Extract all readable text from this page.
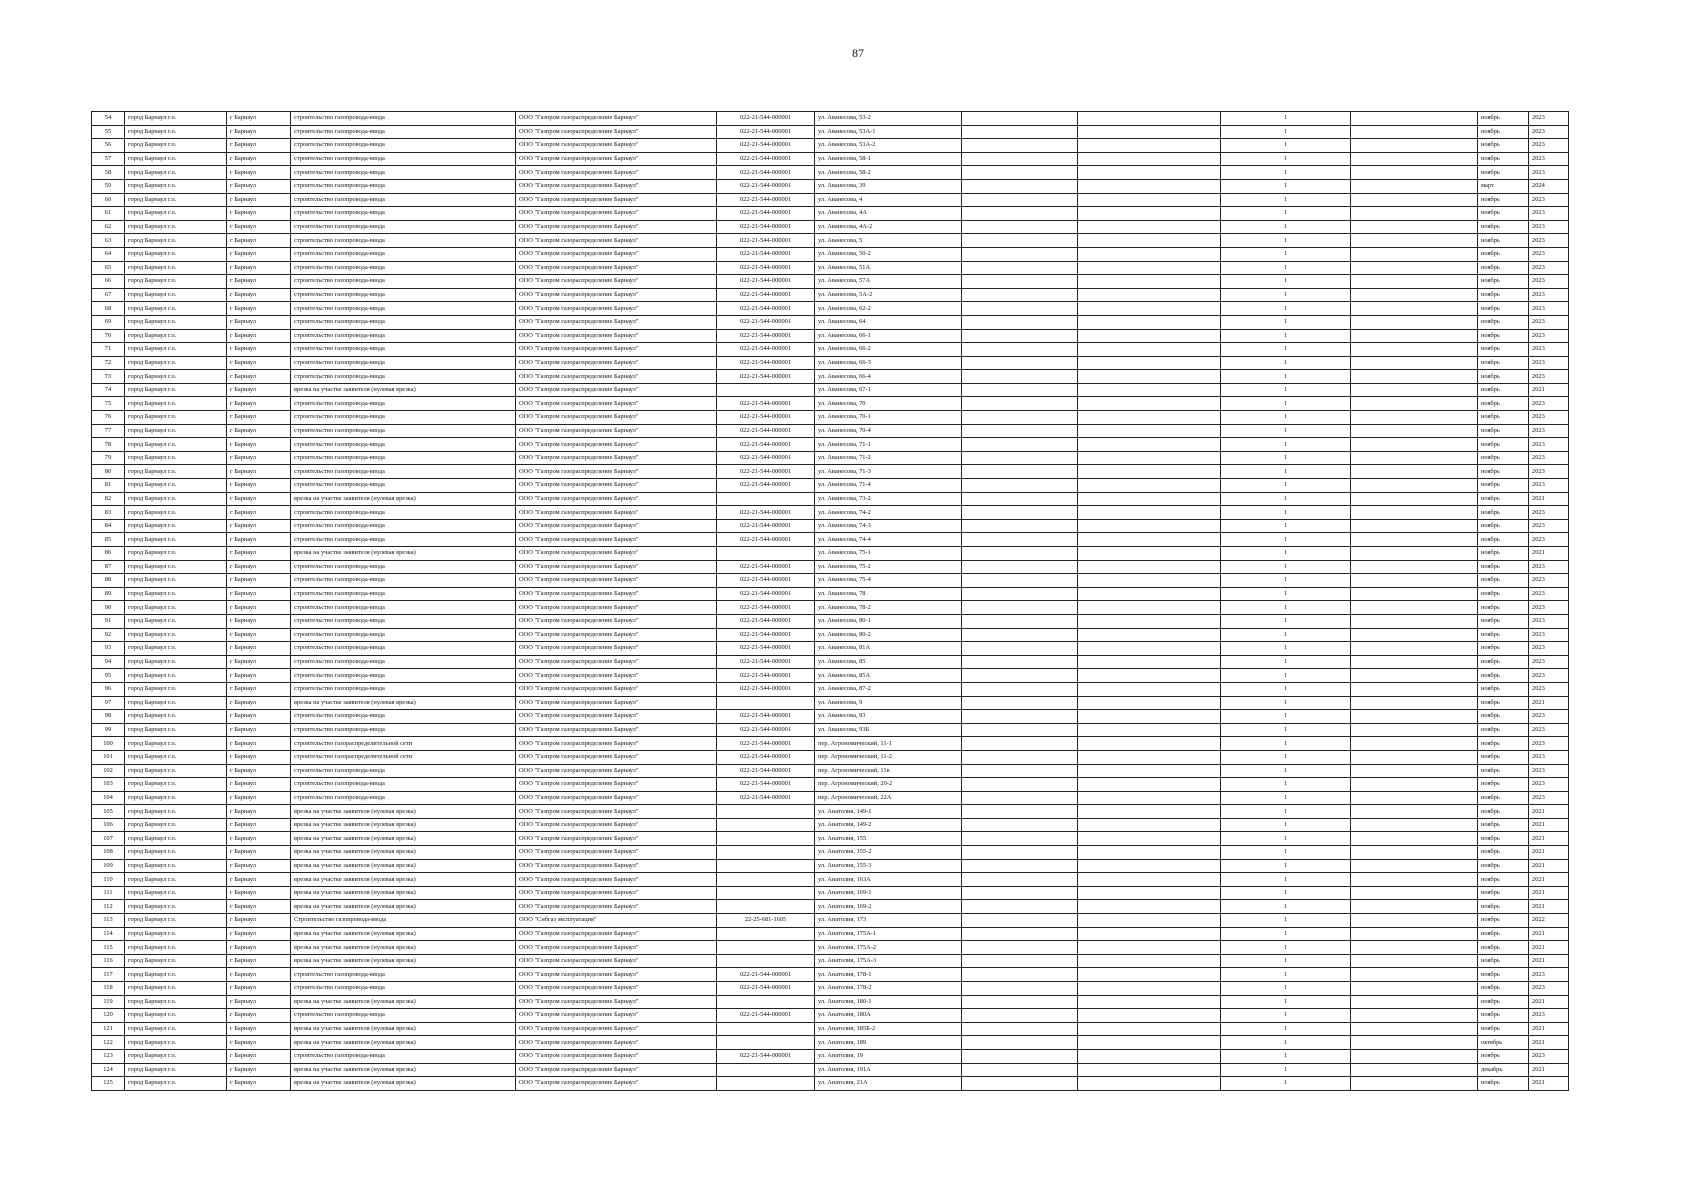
87
54	город Барнаул г.о.	г Барнаул	строительство газопровода-ввода	ООО "Газпром газораспределение Барнаул"	022-21-544-000001	ул. Аванесова, 53-2			1		ноябрь	2023
55	город Барнаул г.о.	г Барнаул	строительство газопровода-ввода	ООО "Газпром газораспределение Барнаул"	022-21-544-000001	ул. Аванесова, 53А-1			1		ноябрь	2023
56	город Барнаул г.о.	г Барнаул	строительство газопровода-ввода	ООО "Газпром газораспределение Барнаул"	022-21-544-000001	ул. Аванесова, 53А-2			1		ноябрь	2023
57	город Барнаул г.о.	г Барнаул	строительство газопровода-ввода	ООО "Газпром газораспределение Барнаул"	022-21-544-000001	ул. Аванесова, 58-1			1		ноябрь	2023
58	город Барнаул г.о.	г Барнаул	строительство газопровода-ввода	ООО "Газпром газораспределение Барнаул"	022-21-544-000001	ул. Аванесова, 58-2			1		ноябрь	2023
59	город Барнаул г.о.	г Барнаул	строительство газопровода-ввода	ООО "Газпром газораспределение Барнаул"	022-21-544-000001	ул. Аванесова, 39			1		март	2024
60	город Барнаул г.о.	г Барнаул	строительство газопровода-ввода	ООО "Газпром газораспределение Барнаул"	022-21-544-000001	ул. Аванесова, 4			1		ноябрь	2023
61	город Барнаул г.о.	г Барнаул	строительство газопровода-ввода	ООО "Газпром газораспределение Барнаул"	022-21-544-000001	ул. Аванесова, 4А			1		ноябрь	2023
62	город Барнаул г.о.	г Барнаул	строительство газопровода-ввода	ООО "Газпром газораспределение Барнаул"	022-21-544-000001	ул. Аванесова, 4А-2			1		ноябрь	2023
63	город Барнаул г.о.	г Барнаул	строительство газопровода-ввода	ООО "Газпром газораспределение Барнаул"	022-21-544-000001	ул. Аванесова, 5			1		ноябрь	2023
64	город Барнаул г.о.	г Барнаул	строительство газопровода-ввода	ООО "Газпром газораспределение Барнаул"	022-21-544-000001	ул. Аванесова, 50-2			1		ноябрь	2023
65	город Барнаул г.о.	г Барнаул	строительство газопровода-ввода	ООО "Газпром газораспределение Барнаул"	022-21-544-000001	ул. Аванесова, 51А			1		ноябрь	2023
66	город Барнаул г.о.	г Барнаул	строительство газопровода-ввода	ООО "Газпром газораспределение Барнаул"	022-21-544-000001	ул. Аванесова, 57А			1		ноябрь	2023
67	город Барнаул г.о.	г Барнаул	строительство газопровода-ввода	ООО "Газпром газораспределение Барнаул"	022-21-544-000001	ул. Аванесова, 5А-2			1		ноябрь	2023
68	город Барнаул г.о.	г Барнаул	строительство газопровода-ввода	ООО "Газпром газораспределение Барнаул"	022-21-544-000001	ул. Аванесова, 62-2			1		ноябрь	2023
69	город Барнаул г.о.	г Барнаул	строительство газопровода-ввода	ООО "Газпром газораспределение Барнаул"	022-21-544-000001	ул. Аванесова, 64			1		ноябрь	2023
70	город Барнаул г.о.	г Барнаул	строительство газопровода-ввода	ООО "Газпром газораспределение Барнаул"	022-21-544-000001	ул. Аванесова, 66-1			1		ноябрь	2023
71	город Барнаул г.о.	г Барнаул	строительство газопровода-ввода	ООО "Газпром газораспределение Барнаул"	022-21-544-000001	ул. Аванесова, 66-2			1		ноябрь	2023
72	город Барнаул г.о.	г Барнаул	строительство газопровода-ввода	ООО "Газпром газораспределение Барнаул"	022-21-544-000001	ул. Аванесова, 66-3			1		ноябрь	2023
73	город Барнаул г.о.	г Барнаул	строительство газопровода-ввода	ООО "Газпром газораспределение Барнаул"	022-21-544-000001	ул. Аванесова, 66-4			1		ноябрь	2023
74	город Барнаул г.о.	г Барнаул	врезка на участке заявителя (нулевая врезка)	ООО "Газпром газораспределение Барнаул"		ул. Аванесова, 67-1			1		ноябрь	2021
75	город Барнаул г.о.	г Барнаул	строительство газопровода-ввода	ООО "Газпром газораспределение Барнаул"	022-21-544-000001	ул. Аванесова, 70			1		ноябрь	2023
76	город Барнаул г.о.	г Барнаул	строительство газопровода-ввода	ООО "Газпром газораспределение Барнаул"	022-21-544-000001	ул. Аванесова, 70-1			1		ноябрь	2023
77	город Барнаул г.о.	г Барнаул	строительство газопровода-ввода	ООО "Газпром газораспределение Барнаул"	022-21-544-000001	ул. Аванесова, 70-4			1		ноябрь	2023
78	город Барнаул г.о.	г Барнаул	строительство газопровода-ввода	ООО "Газпром газораспределение Барнаул"	022-21-544-000001	ул. Аванесова, 71-1			1		ноябрь	2023
79	город Барнаул г.о.	г Барнаул	строительство газопровода-ввода	ООО "Газпром газораспределение Барнаул"	022-21-544-000001	ул. Аванесова, 71-2			1		ноябрь	2023
80	город Барнаул г.о.	г Барнаул	строительство газопровода-ввода	ООО "Газпром газораспределение Барнаул"	022-21-544-000001	ул. Аванесова, 71-3			1		ноябрь	2023
81	город Барнаул г.о.	г Барнаул	строительство газопровода-ввода	ООО "Газпром газораспределение Барнаул"	022-21-544-000001	ул. Аванесова, 71-4			1		ноябрь	2023
82	город Барнаул г.о.	г Барнаул	врезка на участке заявителя (нулевая врезка)	ООО "Газпром газораспределение Барнаул"		ул. Аванесова, 73-2			1		ноябрь	2021
83	город Барнаул г.о.	г Барнаул	строительство газопровода-ввода	ООО "Газпром газораспределение Барнаул"	022-21-544-000001	ул. Аванесова, 74-2			1		ноябрь	2023
84	город Барнаул г.о.	г Барнаул	строительство газопровода-ввода	ООО "Газпром газораспределение Барнаул"	022-21-544-000001	ул. Аванесова, 74-3			1		ноябрь	2023
85	город Барнаул г.о.	г Барнаул	строительство газопровода-ввода	ООО "Газпром газораспределение Барнаул"	022-21-544-000001	ул. Аванесова, 74-4			1		ноябрь	2023
86	город Барнаул г.о.	г Барнаул	врезка на участке заявителя (нулевая врезка)	ООО "Газпром газораспределение Барнаул"		ул. Аванесова, 75-1			1		ноябрь	2021
87	город Барнаул г.о.	г Барнаул	строительство газопровода-ввода	ООО "Газпром газораспределение Барнаул"	022-21-544-000001	ул. Аванесова, 75-2			1		ноябрь	2023
88	город Барнаул г.о.	г Барнаул	строительство газопровода-ввода	ООО "Газпром газораспределение Барнаул"	022-21-544-000001	ул. Аванесова, 75-4			1		ноябрь	2023
89	город Барнаул г.о.	г Барнаул	строительство газопровода-ввода	ООО "Газпром газораспределение Барнаул"	022-21-544-000001	ул. Аванесова, 78			1		ноябрь	2023
90	город Барнаул г.о.	г Барнаул	строительство газопровода-ввода	ООО "Газпром газораспределение Барнаул"	022-21-544-000001	ул. Аванесова, 78-2			1		ноябрь	2023
91	город Барнаул г.о.	г Барнаул	строительство газопровода-ввода	ООО "Газпром газораспределение Барнаул"	022-21-544-000001	ул. Аванесова, 80-1			1		ноябрь	2023
92	город Барнаул г.о.	г Барнаул	строительство газопровода-ввода	ООО "Газпром газораспределение Барнаул"	022-21-544-000001	ул. Аванесова, 80-2			1		ноябрь	2023
93	город Барнаул г.о.	г Барнаул	строительство газопровода-ввода	ООО "Газпром газораспределение Барнаул"	022-21-544-000001	ул. Аванесова, 81А			1		ноябрь	2023
94	город Барнаул г.о.	г Барнаул	строительство газопровода-ввода	ООО "Газпром газораспределение Барнаул"	022-21-544-000001	ул. Аванесова, 85			1		ноябрь	2023
95	город Барнаул г.о.	г Барнаул	строительство газопровода-ввода	ООО "Газпром газораспределение Барнаул"	022-21-544-000001	ул. Аванесова, 85А			1		ноябрь	2023
96	город Барнаул г.о.	г Барнаул	строительство газопровода-ввода	ООО "Газпром газораспределение Барнаул"	022-21-544-000001	ул. Аванесова, 87-2			1		ноябрь	2023
97	город Барнаул г.о.	г Барнаул	врезка на участке заявителя (нулевая врезка)	ООО "Газпром газораспределение Барнаул"		ул. Аванесова, 9			1		ноябрь	2021
98	город Барнаул г.о.	г Барнаул	строительство газопровода-ввода	ООО "Газпром газораспределение Барнаул"	022-21-544-000001	ул. Аванесова, 93			1		ноябрь	2023
99	город Барнаул г.о.	г Барнаул	строительство газопровода-ввода	ООО "Газпром газораспределение Барнаул"	022-21-544-000001	ул. Аванесова, 93Б			1		ноябрь	2023
100	город Барнаул г.о.	г Барнаул	строительство газораспределительной сети	ООО "Газпром газораспределение Барнаул"	022-21-544-000001	пер. Агрономический, 11-1			1		ноябрь	2023
101	город Барнаул г.о.	г Барнаул	строительство газораспределительной сети	ООО "Газпром газораспределение Барнаул"	022-21-544-000001	пер. Агрономический, 11-2			1		ноябрь	2023
102	город Барнаул г.о.	г Барнаул	строительство газопровода-ввода	ООО "Газпром газораспределение Барнаул"	022-21-544-000001	пер. Агрономический, 11в			1		ноябрь	2023
103	город Барнаул г.о.	г Барнаул	строительство газопровода-ввода	ООО "Газпром газораспределение Барнаул"	022-21-544-000001	пер. Агрономический, 20-2			1		ноябрь	2023
104	город Барнаул г.о.	г Барнаул	строительство газопровода-ввода	ООО "Газпром газораспределение Барнаул"	022-21-544-000001	пер. Агрономический, 22А			1		ноябрь	2023
105	город Барнаул г.о.	г Барнаул	врезка на участке заявителя (нулевая врезка)	ООО "Газпром газораспределение Барнаул"		ул. Анатолия, 149-1			1		ноябрь	2021
106	город Барнаул г.о.	г Барнаул	врезка на участке заявителя (нулевая врезка)	ООО "Газпром газораспределение Барнаул"		ул. Анатолия, 149-2			1		ноябрь	2021
107	город Барнаул г.о.	г Барнаул	врезка на участке заявителя (нулевая врезка)	ООО "Газпром газораспределение Барнаул"		ул. Анатолия, 155			1		ноябрь	2021
108	город Барнаул г.о.	г Барнаул	врезка на участке заявителя (нулевая врезка)	ООО "Газпром газораспределение Барнаул"		ул. Анатолия, 155-2			1		ноябрь	2021
109	город Барнаул г.о.	г Барнаул	врезка на участке заявителя (нулевая врезка)	ООО "Газпром газораспределение Барнаул"		ул. Анатолия, 155-3			1		ноябрь	2021
110	город Барнаул г.о.	г Барнаул	врезка на участке заявителя (нулевая врезка)	ООО "Газпром газораспределение Барнаул"		ул. Анатолия, 163А			1		ноябрь	2021
111	город Барнаул г.о.	г Барнаул	врезка на участке заявителя (нулевая врезка)	ООО "Газпром газораспределение Барнаул"		ул. Анатолия, 169-1			1		ноябрь	2021
112	город Барнаул г.о.	г Барнаул	врезка на участке заявителя (нулевая врезка)	ООО "Газпром газораспределение Барнаул"		ул. Анатолия, 169-2			1		ноябрь	2021
113	город Барнаул г.о.	г Барнаул	Строительство газопровода-ввода	ООО "Сибгаз эксплуатация"	22-25-681-1605	ул. Анатолия, 173			1		ноябрь	2022
114	город Барнаул г.о.	г Барнаул	врезка на участке заявителя (нулевая врезка)	ООО "Газпром газораспределение Барнаул"		ул. Анатолия, 175А-1			1		ноябрь	2021
115	город Барнаул г.о.	г Барнаул	врезка на участке заявителя (нулевая врезка)	ООО "Газпром газораспределение Барнаул"		ул. Анатолия, 175А-2			1		ноябрь	2021
116	город Барнаул г.о.	г Барнаул	врезка на участке заявителя (нулевая врезка)	ООО "Газпром газораспределение Барнаул"		ул. Анатолия, 175А-3			1		ноябрь	2021
117	город Барнаул г.о.	г Барнаул	строительство газопровода-ввода	ООО "Газпром газораспределение Барнаул"	022-21-544-000001	ул. Анатолия, 178-1			1		ноябрь	2023
118	город Барнаул г.о.	г Барнаул	строительство газопровода-ввода	ООО "Газпром газораспределение Барнаул"	022-21-544-000001	ул. Анатолия, 178-2			1		ноябрь	2023
119	город Барнаул г.о.	г Барнаул	врезка на участке заявителя (нулевая врезка)	ООО "Газпром газораспределение Барнаул"		ул. Анатолия, 180-1			1		ноябрь	2021
120	город Барнаул г.о.	г Барнаул	строительство газопровода-ввода	ООО "Газпром газораспределение Барнаул"	022-21-544-000001	ул. Анатолия, 180А			1		ноябрь	2023
121	город Барнаул г.о.	г Барнаул	врезка на участке заявителя (нулевая врезка)	ООО "Газпром газораспределение Барнаул"		ул. Анатолия, 185Б-2			1		ноябрь	2021
122	город Барнаул г.о.	г Барнаул	врезка на участке заявителя (нулевая врезка)	ООО "Газпром газораспределение Барнаул"		ул. Анатолия, 189			1		октябрь	2021
123	город Барнаул г.о.	г Барнаул	строительство газопровода-ввода	ООО "Газпром газораспределение Барнаул"	022-21-544-000001	ул. Анатолия, 19			1		ноябрь	2023
124	город Барнаул г.о.	г Барнаул	врезка на участке заявителя (нулевая врезка)	ООО "Газпром газораспределение Барнаул"		ул. Анатолия, 191А			1		декабрь	2021
125	город Барнаул г.о.	г Барнаул	врезка на участке заявителя (нулевая врезка)	ООО "Газпром газораспределение Барнаул"		ул. Анатолия, 21А			1		ноябрь	2021
